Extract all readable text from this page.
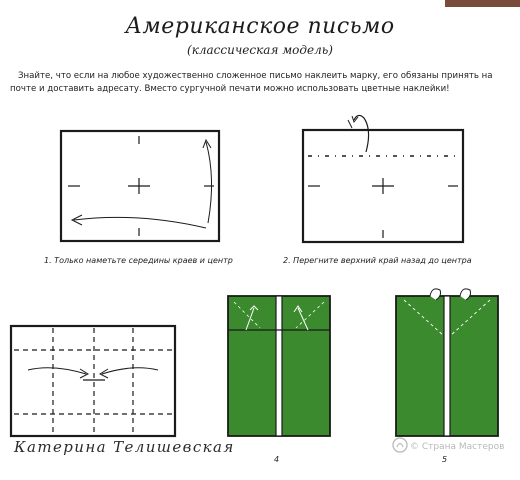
Американское письмо
(классическая модель)
Знайте, что если на любое художественно сложенное письмо наклеить марку, его обязаны принять на почте и доставить адресату. Вместо сургучной печати можно использовать цветные наклейки!
1. Только наметьте середины краев и центр	2. Перегните верхний край назад до центра
4	5
Катерина Телишевская	© Страна Мастеров
